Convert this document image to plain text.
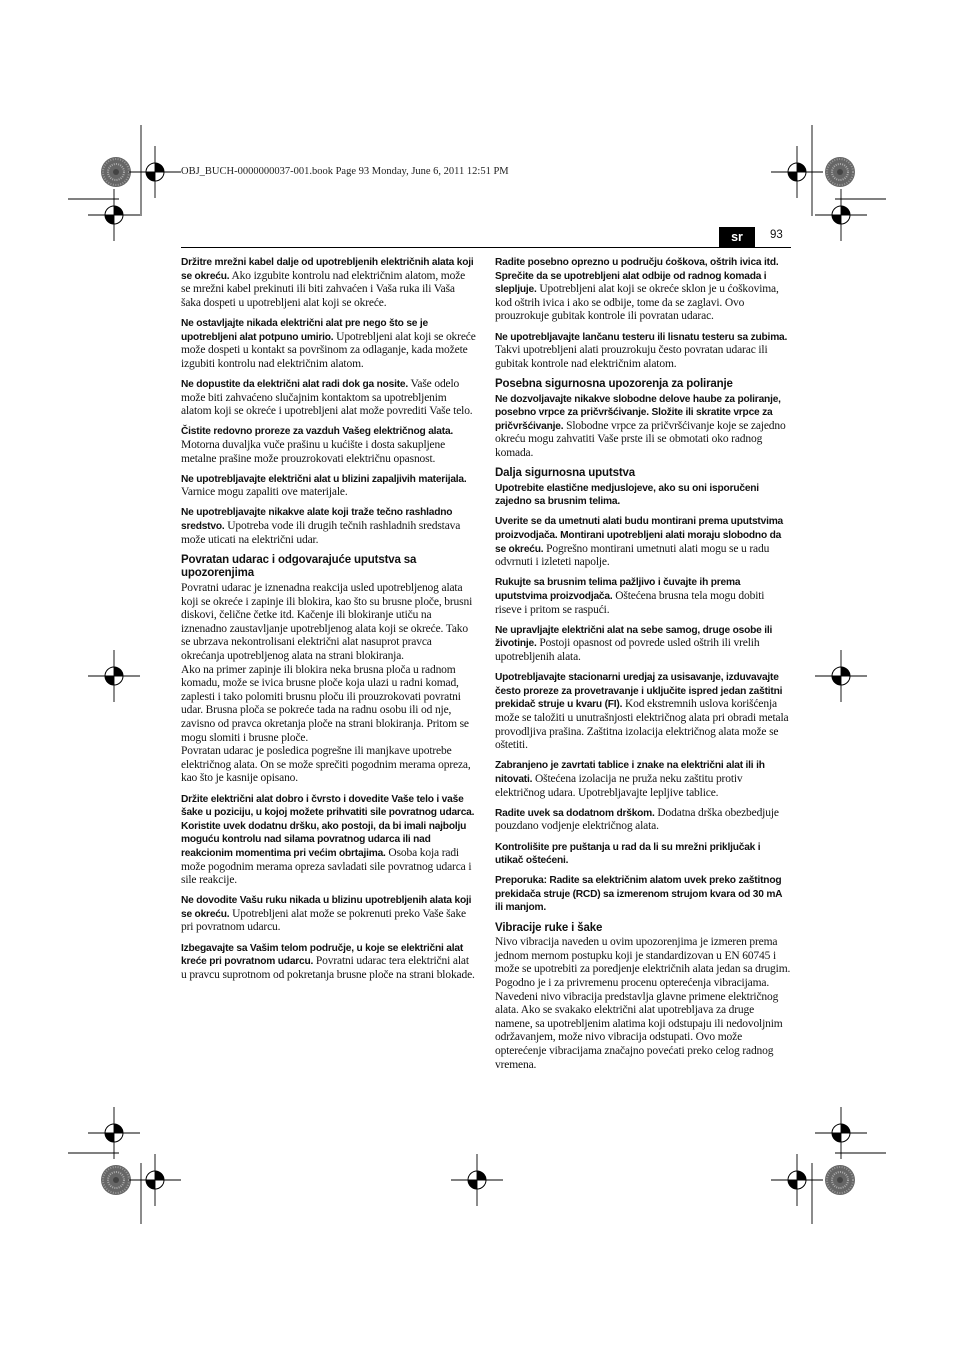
OBJ_BUCH-0000000037-001.book Page 93 Monday, June 6, 2011 12:51 PM
sr	93

Držitre mrežni kabel dalje od upotrebljenih električnih alata koji se okreću. Ako izgubite kontrolu nad električnim alatom, može se mrežni kabel prekinuti ili biti zahvaćen i Vaša ruka ili Vaša šaka dospeti u upotrebljeni alat koji se okreće.

Ne ostavljajte nikada električni alat pre nego što se je upotrebljeni alat potpuno umirio. Upotrebljeni alat koji se okreće može dospeti u kontakt sa površinom za odlaganje, kada možete izgubiti kontrolu nad električnim alatom.

Ne dopustite da električni alat radi dok ga nosite. Vaše odelo može biti zahvaćeno slučajnim kontaktom sa upotrebljenim alatom koji se okreće i upotrebljeni alat može povrediti Vaše telo.

Čistite redovno proreze za vazduh Vašeg električnog alata. Motorna duvaljka vuče prašinu u kućište i dosta sakupljene metalne prašine može prouzrokovati električnu opasnost.

Ne upotrebljavajte električni alat u blizini zapaljivih materijala. Varnice mogu zapaliti ove materijale.

Ne upotrebljavajte nikakve alate koji traže tečno rashladno sredstvo. Upotreba vode ili drugih tečnih rashladnih sredstava može uticati na električni udar.

Povratan udarac i odgovarajuće uputstva sa upozorenjima

Povratni udarac je iznenadna reakcija usled upotrebljenog alata koji se okreće i zapinje ili blokira, kao što su brusne ploče, brusni diskovi, čelične četke itd. Kačenje ili blokiranje utiču na iznenadno zaustavljanje upotrebljenog alata koji se okreće. Tako se ubrzava nekontrolisani električni alat nasuprot pravca okrećanja upotrebljenog alata na strani blokiranja.

Ako na primer zapinje ili blokira neka brusna ploča u radnom komadu, može se ivica brusne ploče koja ulazi u radni komad, zaplesti i tako polomiti brusnu ploču ili prouzrokovati povratni udar. Brusna ploča se pokreće tada na radnu osobu ili od nje, zavisno od pravca okretanja ploče na strani blokiranja. Pritom se mogu slomiti i brusne ploče.

Povratan udarac je posledica pogrešne ili manjkave upotrebe električnog alata. On se može sprečiti pogodnim merama opreza, kao što je kasnije opisano.

Držite električni alat dobro i čvrsto i dovedite Vaše telo i vaše šake u poziciju, u kojoj možete prihvatiti sile povratnog udarca. Koristite uvek dodatnu dršku, ako postoji, da bi imali najbolju moguću kontrolu nad silama povratnog udarca ili nad reakcionim momentima pri većim obrtajima. Osoba koja radi može pogodnim merama opreza savladati sile povratnog udarca i sile reakcije.

Ne dovodite Vašu ruku nikada u blizinu upotrebljenih alata koji se okreću. Upotrebljeni alat može se pokrenuti preko Vaše šake pri povratnom udarcu.

Izbegavajte sa Vašim telom područje, u koje se električni alat kreće pri povratnom udarcu. Povratni udarac tera električni alat u pravcu suprotnom od pokretanja brusne ploče na strani blokade.

Radite posebno oprezno u području ćoškova, oštrih ivica itd. Sprečite da se upotrebljeni alat odbije od radnog komada i sleplјuje. Upotrebljeni alat koji se okreće sklon je u ćoškovima, kod oštrih ivica i ako se odbije, tome da se zaglavi. Ovo prouzrokuje gubitak kontrole ili povratan udarac.

Ne upotrebljavajte lančanu testeru ili lisnatu testeru sa zubima. Takvi upotrebljeni alati prouzrokuju često povratan udarac ili gubitak kontrole nad električnim alatom.

Posebna sigurnosna upozorenja za poliranje

Ne dozvoljavajte nikakve slobodne delove haube za poliranje, posebno vrpce za pričvršćivanje. Složite ili skratite vrpce za pričvršćivanje. Slobodne vrpce za pričvršćivanje koje se zajedno okreću mogu zahvatiti Vaše prste ili se obmotati oko radnog komada.

Dalja sigurnosna uputstva

Upotrebite elastične medjuslojeve, ako su oni isporučeni zajedno sa brusnim telima.

Uverite se da umetnuti alati budu montirani prema uputstvima proizvodjača. Montirani upotrebljeni alati moraju slobodno da se okreću. Pogrešno montirani umetnuti alati mogu se u radu odvrnuti i izleteti napolje.

Rukujte sa brusnim telima pažljivo i čuvajte ih prema uputstvima proizvodjača. Oštećena brusna tela mogu dobiti riseve i pritom se raspući.

Ne upravljajte električni alat na sebe samog, druge osobe ili životinje. Postoji opasnost od povrede usled oštrih ili vrelih upotrebljenih alata.

Upotrebljavajte stacionarni uredjaj za usisavanje, izduvavajte često proreze za provetravanje i uključite ispred jedan zaštitni prekidač struje u kvaru (FI). Kod ekstremnih uslova korišćenja može se taložiti u unutrašnjosti električnog alata pri obradi metala provodljiva prašina. Zaštitna izolacija električnog alata može se oštetiti.

Zabranjeno je zavrtati tablice i znake na električni alat ili ih nitovati. Oštećena izolacija ne pruža neku zaštitu protiv električnog udara. Upotrebljavajte lepljive tablice.

Radite uvek sa dodatnom drškom. Dodatna drška obezbedjuje pouzdano vodjenje električnog alata.

Kontrolišite pre puštanja u rad da li su mrežni priključak i utikač oštećeni.

Preporuka: Radite sa električnim alatom uvek preko zaštitnog prekidača struje (RCD) sa izmerenom strujom kvara od 30 mA ili manjom.

Vibracije ruke i šake

Nivo vibracija naveden u ovim upozorenjima je izmeren prema jednom mernom postupku koji je standardizovan u EN 60745 i može se upotrebiti za poredjenje električnih alata jedan sa drugim. Pogodno je i za privremenu procenu opterećenja vibracijama.

Navedeni nivo vibracija predstavlja glavne primene električnog alata. Ako se svakako električni alat upotrebljava za druge namene, sa upotrebljenim alatima koji odstupaju ili nedovoljnim održavanjem, može nivo vibracija odstupati. Ovo može opterećenje vibracijama značajno povećati preko celog radnog vremena.
